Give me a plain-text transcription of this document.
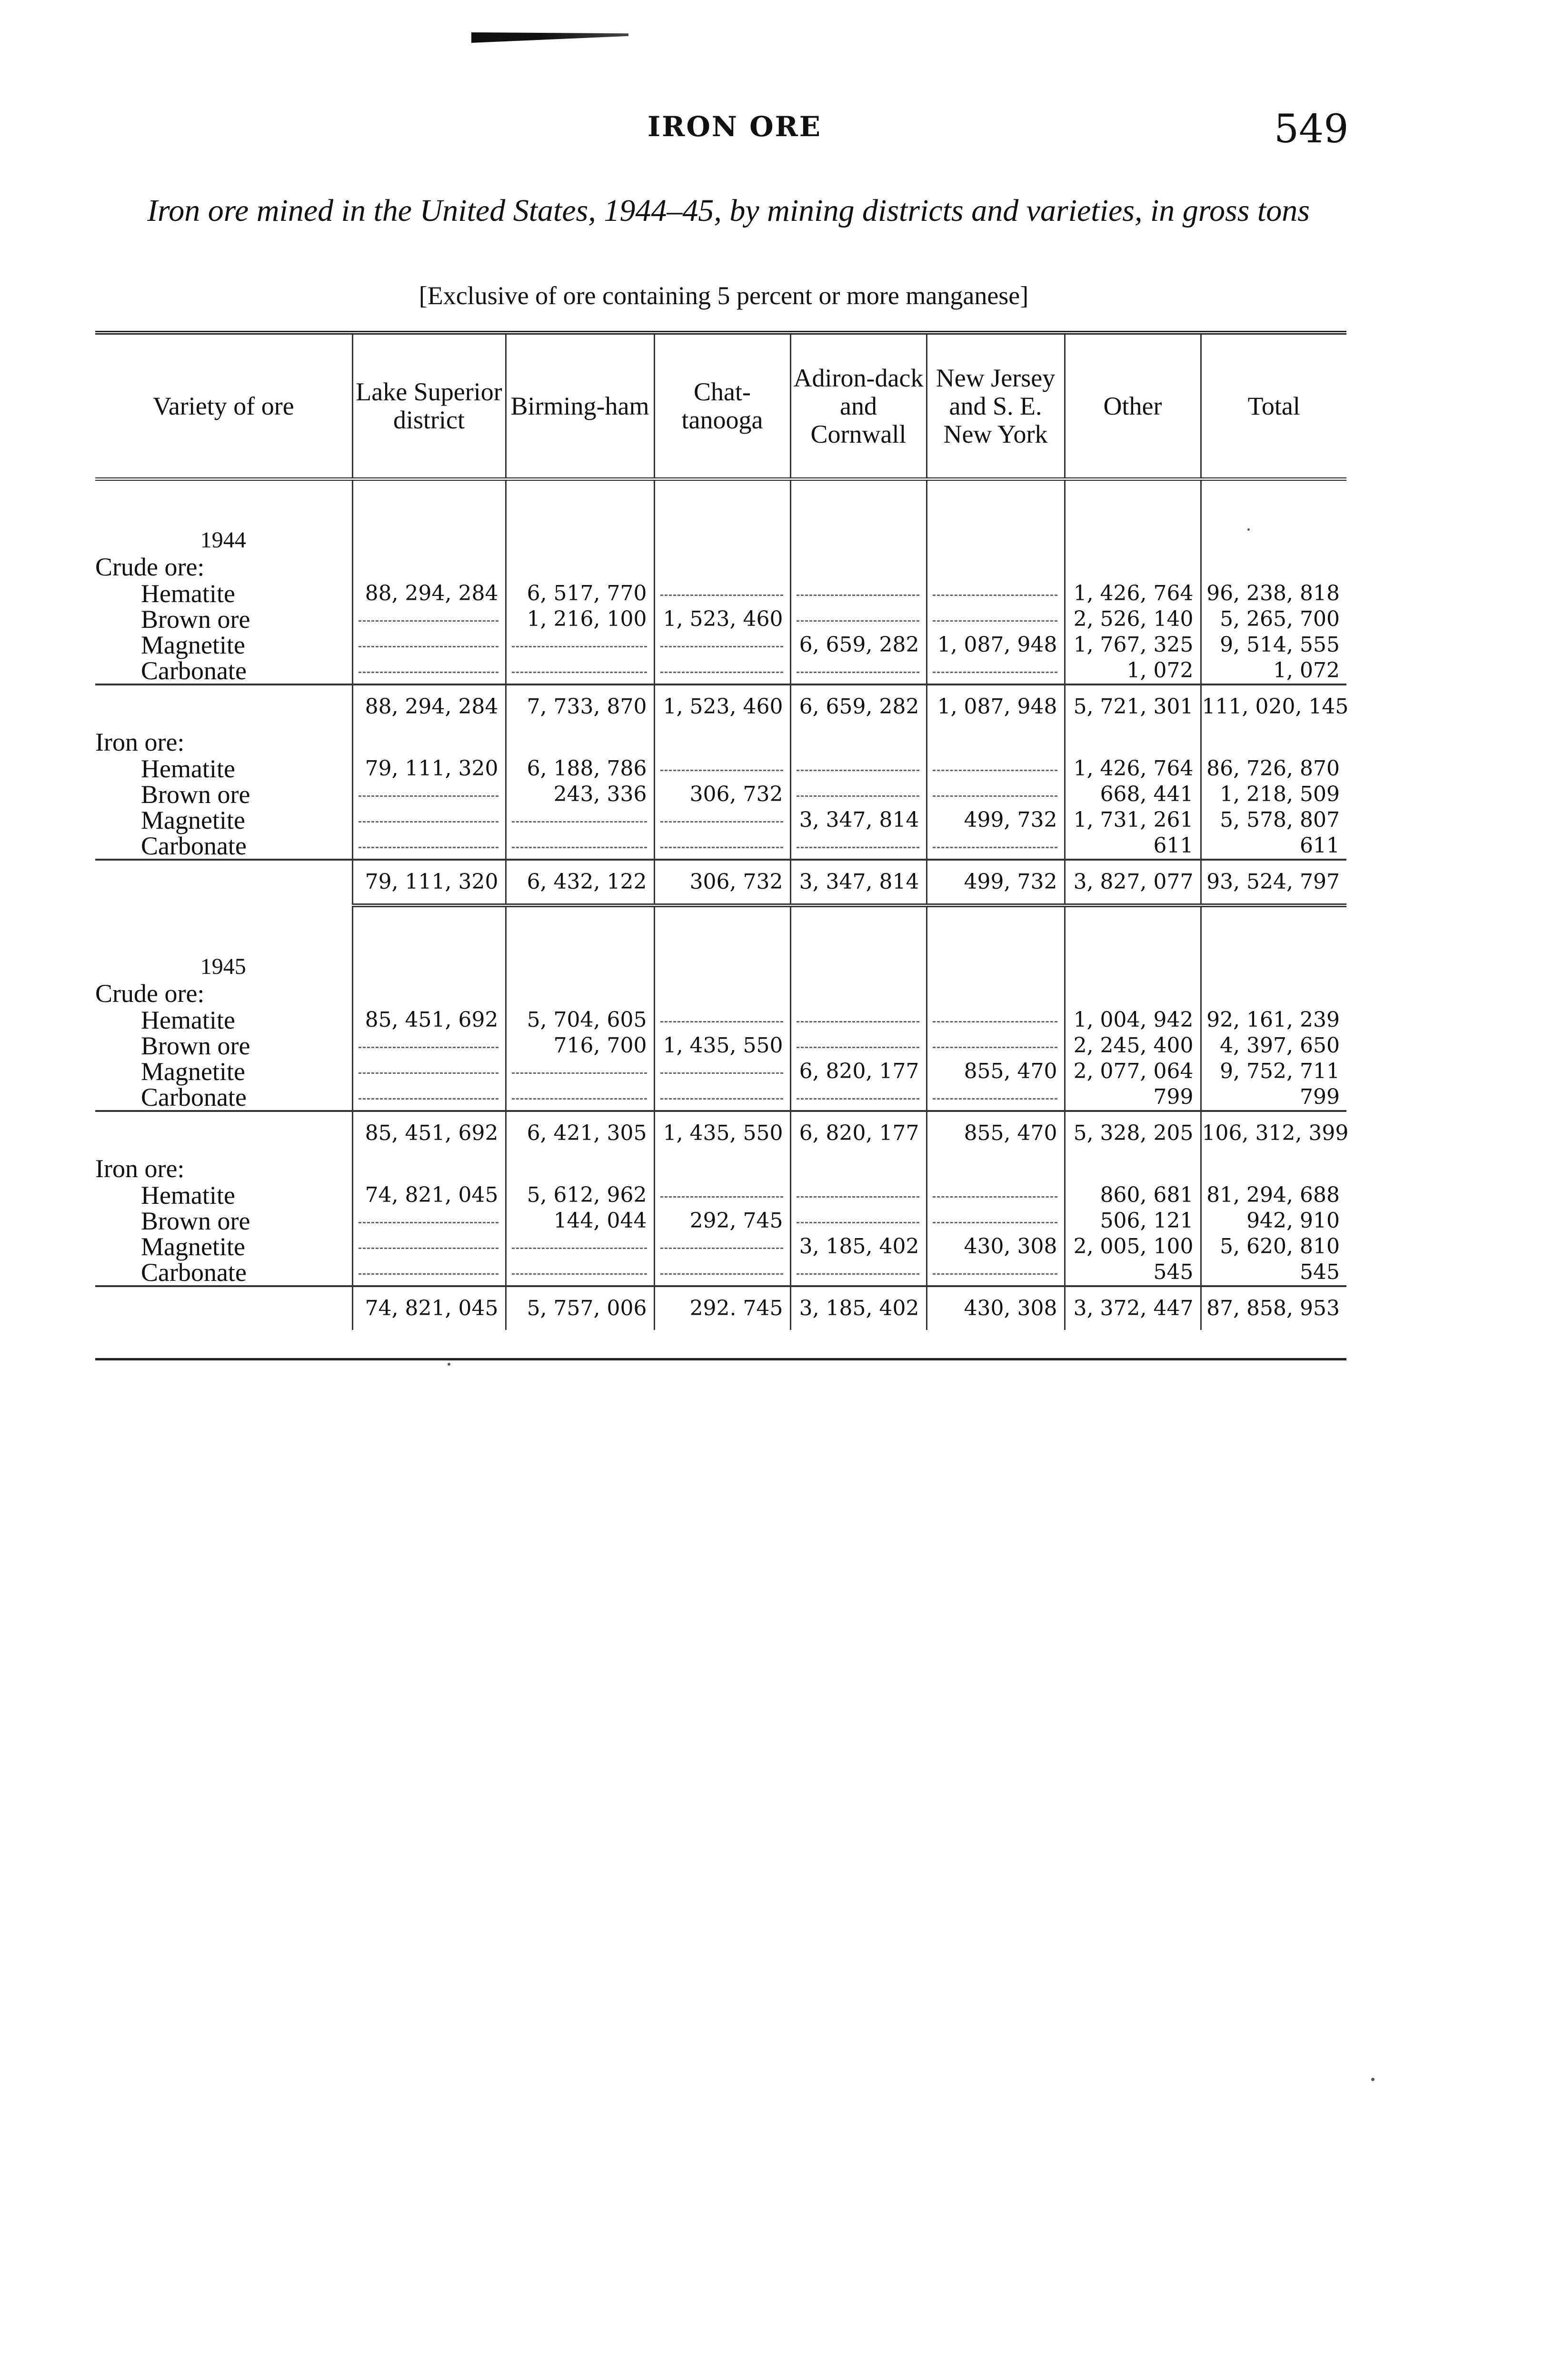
IRON ORE	549
Iron ore mined in the United States, 1944–45, by mining districts and varieties, in gross tons
[Exclusive of ore containing 5 percent or more manganese]
Variety of ore	Lake Superior district	Birming-ham	Chat-tanooga	Adiron-dack and Cornwall	New Jersey and S. E. New York	Other	Total
1944							
Crude ore:							
Hematite	88, 294, 284	6, 517, 770				1, 426, 764	96, 238, 818
Brown ore		1, 216, 100	1, 523, 460			2, 526, 140	5, 265, 700
Magnetite				6, 659, 282	1, 087, 948	1, 767, 325	9, 514, 555
Carbonate						1, 072	1, 072
	88, 294, 284	7, 733, 870	1, 523, 460	6, 659, 282	1, 087, 948	5, 721, 301	111, 020, 145
Iron ore:							
Hematite	79, 111, 320	6, 188, 786				1, 426, 764	86, 726, 870
Brown ore		243, 336	306, 732			668, 441	1, 218, 509
Magnetite				3, 347, 814	499, 732	1, 731, 261	5, 578, 807
Carbonate						611	611
	79, 111, 320	6, 432, 122	306, 732	3, 347, 814	499, 732	3, 827, 077	93, 524, 797
1945							
Crude ore:							
Hematite	85, 451, 692	5, 704, 605				1, 004, 942	92, 161, 239
Brown ore		716, 700	1, 435, 550			2, 245, 400	4, 397, 650
Magnetite				6, 820, 177	855, 470	2, 077, 064	9, 752, 711
Carbonate						799	799
	85, 451, 692	6, 421, 305	1, 435, 550	6, 820, 177	855, 470	5, 328, 205	106, 312, 399
Iron ore:							
Hematite	74, 821, 045	5, 612, 962				860, 681	81, 294, 688
Brown ore		144, 044	292, 745			506, 121	942, 910
Magnetite				3, 185, 402	430, 308	2, 005, 100	5, 620, 810
Carbonate						545	545
	74, 821, 045	5, 757, 006	292. 745	3, 185, 402	430, 308	3, 372, 447	87, 858, 953
